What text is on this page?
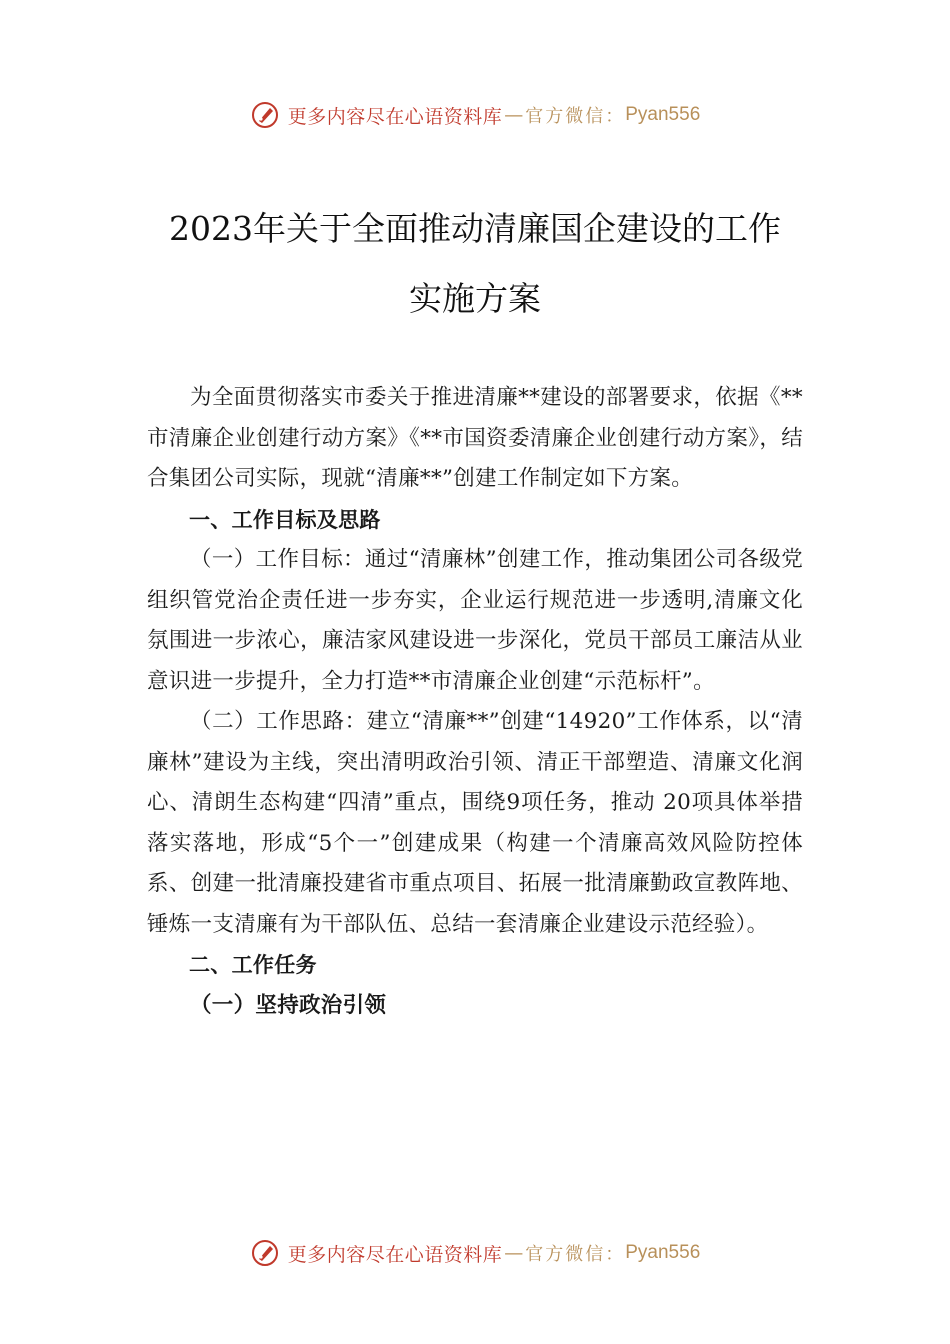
更多内容尽在心语资料库 — 官方微信： Pyan556
2023年关于全面推动清廉国企建设的工作
实施方案

为全面贯彻落实市委关于推进清廉**建设的部署要求，依据《**市清廉企业创建行动方案》《**市国资委清廉企业创建行动方案》，结合集团公司实际，现就“清廉**”创建工作制定如下方案。

一、工作目标及思路

（一）工作目标：通过“清廉林”创建工作，推动集团公司各级党组织管党治企责任进一步夯实，企业运行规范进一步透明,清廉文化氛围进一步浓心，廉洁家风建设进一步深化，党员干部员工廉洁从业意识进一步提升，全力打造**市清廉企业创建“示范标杆”。

（二）工作思路：建立“清廉**”创建“14920”工作体系，以“清廉林”建设为主线，突出清明政治引领、清正干部塑造、清廉文化润心、清朗生态构建“四清”重点，围绕9项任务，推动 20项具体举措落实落地，形成“5个一”创建成果（构建一个清廉高效风险防控体系、创建一批清廉投建省市重点项目、拓展一批清廉勤政宣教阵地、锤炼一支清廉有为干部队伍、总结一套清廉企业建设示范经验）。

二、工作任务

（一）坚持政治引领

更多内容尽在心语资料库 — 官方微信： Pyan556
